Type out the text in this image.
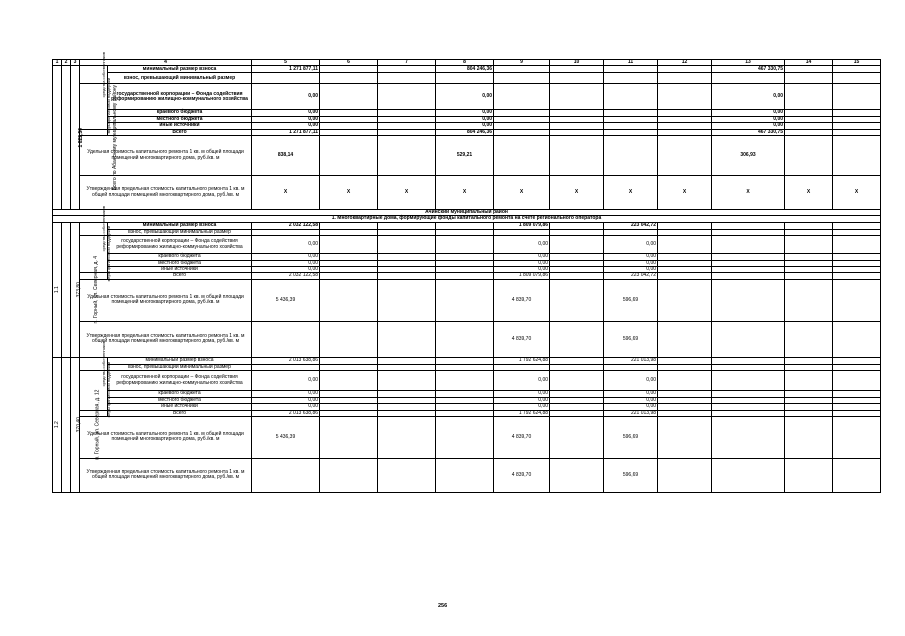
1	2	3	4		5	6	7	8	9	10	11	12	13	14	15
	Всего по Абанскому муниципальному району	1 822,50	средства собственников	минимальный размер взноса	1 271 877,11			804 246,36					467 330,75		
				взнос, превышающий минимальный размер											
			меры финансовой поддержки	государственной корпорации – Фонда содействия реформированию жилищно-коммунального хозяйства	0,00			0,00					0,00		
				краевого бюджета	0,00			0,00					0,00		
				местного бюджета	0,00			0,00					0,00		
				иные источники	0,00			0,00					0,00		
				Всего	1 271 877,11			804 246,36					467 330,75		
			Удельная стоимость капитального ремонта 1 кв. м общей площади помещений многоквартирного дома, руб./кв. м		838,14			529,21					306,93		
			Утвержденная предельная стоимость капитального ремонта 1 кв. м общей площади помещений многоквартирного дома, руб./кв. м		X	X	X	X	X	X	X	X	X	X	X
Ачинский муниципальный район															
1. Многоквартирные дома, формирующие фонды капитального ремонта на счете регионального оператора															
1.1	п. Горный, ул. Северная, д. 4	373,80	средства собственников	минимальный размер взноса	2 032 122,58				1 809 079,86		223 042,72				
				взнос, превышающий минимальный размер											
			меры финансовой поддержки	государственной корпорации – Фонда содействия реформированию жилищно-коммунального хозяйства	0,00				0,00		0,00				
				краевого бюджета	0,00				0,00		0,00				
				местного бюджета	0,00				0,00		0,00				
				иные источники	0,00				0,00		0,00				
				Всего	2 032 122,58				1 809 079,86		223 042,72				
			Удельная стоимость капитального ремонта 1 кв. м общей площади помещений многоквартирного дома, руб./кв. м		5 436,39				4 839,70		596,69				
			Утвержденная предельная стоимость капитального ремонта 1 кв. м общей площади помещений многоквартирного дома, руб./кв. м						4 839,70		596,69				
1.2	п. Горный, ул. Северная, д. 12	370,40	средства собственников	минимальный размер взноса	2 013 638,86				1 792 624,88		221 013,98				
				взнос, превышающий минимальный размер											
			меры финансовой поддержки	государственной корпорации – Фонда содействия реформированию жилищно-коммунального хозяйства	0,00				0,00		0,00				
				краевого бюджета	0,00				0,00		0,00				
				местного бюджета	0,00				0,00		0,00				
				иные источники	0,00				0,00		0,00				
				Всего	2 013 638,86				1 792 624,88		221 013,98				
			Удельная стоимость капитального ремонта 1 кв. м общей площади помещений многоквартирного дома, руб./кв. м		5 436,39				4 839,70		596,69				
			Утвержденная предельная стоимость капитального ремонта 1 кв. м общей площади помещений многоквартирного дома, руб./кв. м						4 839,70		596,69				
256
